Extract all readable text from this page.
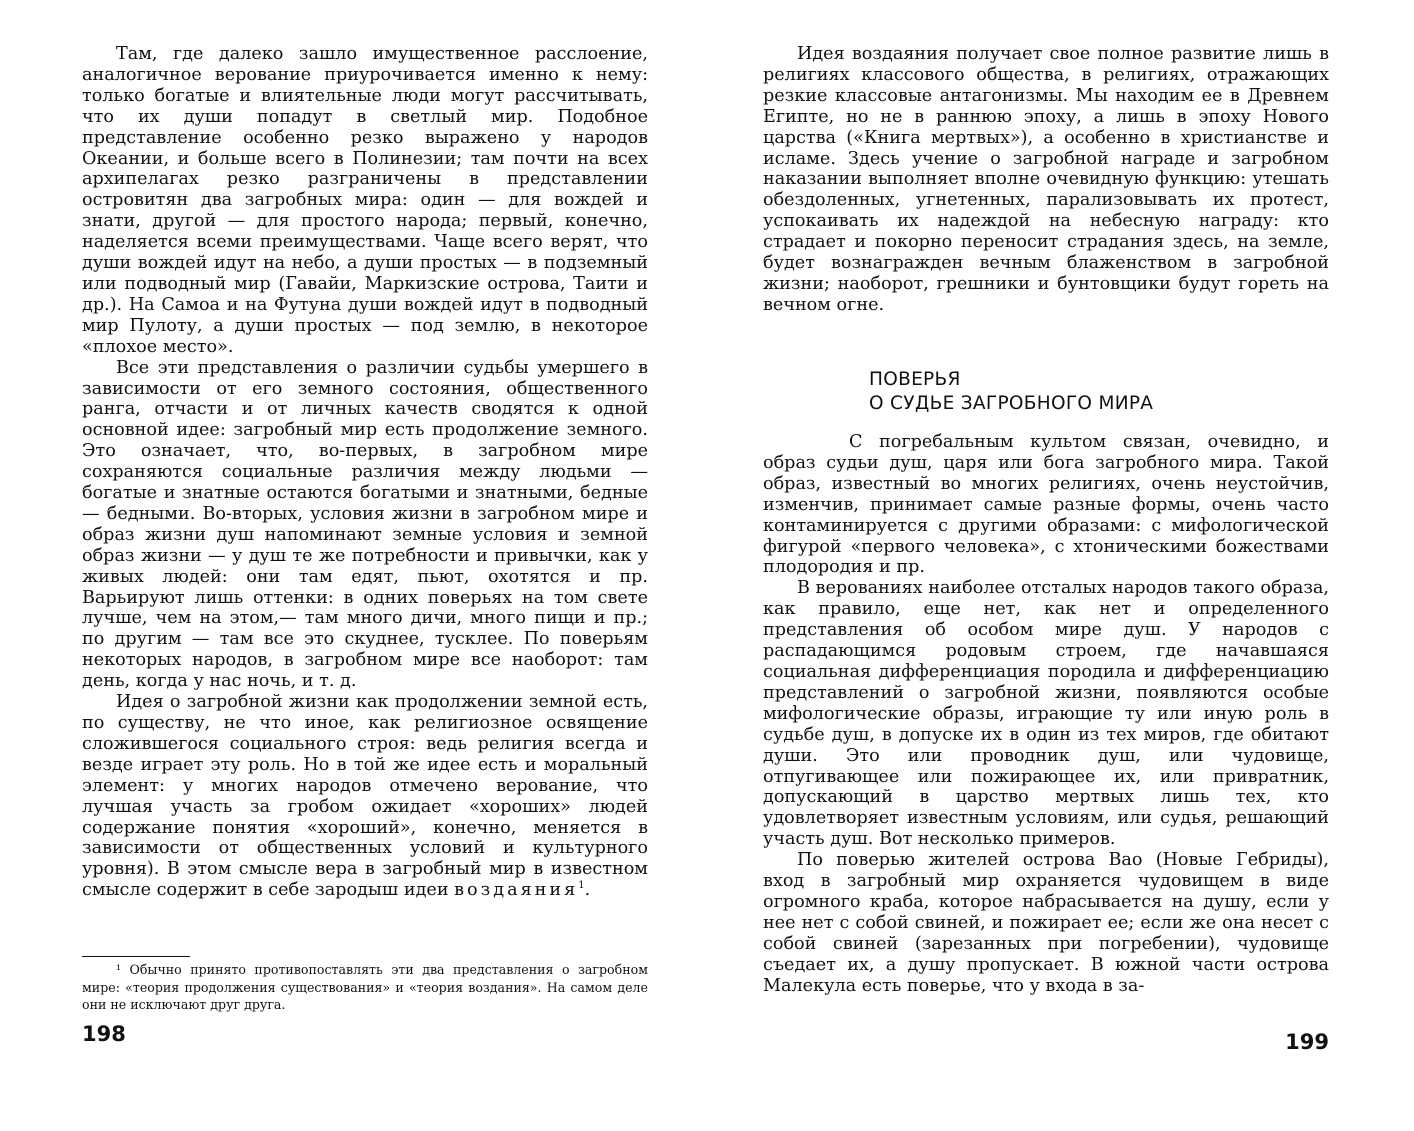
Там, где далеко зашло имущественное расслоение, аналогичное верование приурочивается именно к нему: только богатые и влиятельные люди могут рассчитывать, что их души попадут в светлый мир. Подобное представление особенно резко выражено у народов Океании, и больше всего в Полинезии; там почти на всех архипелагах резко разграничены в представлении островитян два загробных мира: один — для вождей и знати, другой — для простого народа; первый, конечно, наделяется всеми преимуществами. Чаще всего верят, что души вождей идут на небо, а души простых — в подземный или подводный мир (Гавайи, Маркизские острова, Таити и др.). На Самоа и на Футуна души вождей идут в подводный мир Пулоту, а души простых — под землю, в некоторое «плохое место».

Все эти представления о различии судьбы умершего в зависимости от его земного состояния, общественного ранга, отчасти и от личных качеств сводятся к одной основной идее: загробный мир есть продолжение земного. Это означает, что, во-первых, в загробном мире сохраняются социальные различия между людьми — богатые и знатные остаются богатыми и знатными, бедные — бедными. Во-вторых, условия жизни в загробном мире и образ жизни душ напоминают земные условия и земной образ жизни — у душ те же потребности и привычки, как у живых людей: они там едят, пьют, охотятся и пр. Варьируют лишь оттенки: в одних поверьях на том свете лучше, чем на этом,— там много дичи, много пищи и пр.; по другим — там все это скуднее, тусклее. По поверьям некоторых народов, в загробном мире все наоборот: там день, когда у нас ночь, и т. д.

Идея о загробной жизни как продолжении земной есть, по существу, не что иное, как религиозное освящение сложившегося социального строя: ведь религия всегда и везде играет эту роль. Но в той же идее есть и моральный элемент: у многих народов отмечено верование, что лучшая участь за гробом ожидает «хороших» людей содержание понятия «хороший», конечно, меняется в зависимости от общественных условий и культурного уровня). В этом смысле вера в загробный мир в известном смысле содержит в себе зародыш идеи воздаяния$^1$.

¹ Обычно принято противопоставлять эти два представления о загробном мире: «теория продолжения существования» и «теория воздания». На самом деле они не исключают друг друга.

198

Идея воздаяния получает свое полное развитие лишь в религиях классового общества, в религиях, отражающих резкие классовые антагонизмы. Мы находим ее в Древнем Египте, но не в раннюю эпоху, а лишь в эпоху Нового царства («Книга мертвых»), а особенно в христианстве и исламе. Здесь учение о загробной награде и загробном наказании выполняет вполне очевидную функцию: утешать обездоленных, угнетенных, парализовывать их протест, успокаивать их надеждой на небесную награду: кто страдает и покорно переносит страдания здесь, на земле, будет вознагражден вечным блаженством в загробной жизни; наоборот, грешники и бунтовщики будут гореть на вечном огне.

ПОВЕРЬЯ
О СУДЬЕ ЗАГРОБНОГО МИРА

С погребальным культом связан, очевидно, и образ судьи душ, царя или бога загробного мира. Такой образ, известный во многих религиях, очень неустойчив, изменчив, принимает самые разные формы, очень часто контаминируется с другими образами: с мифологической фигурой «первого человека», с хтоническими божествами плодородия и пр.

В верованиях наиболее отсталых народов такого образа, как правило, еще нет, как нет и определенного представления об особом мире душ. У народов с распадающимся родовым строем, где начавшаяся социальная дифференциация породила и дифференциацию представлений о загробной жизни, появляются особые мифологические образы, играющие ту или иную роль в судьбе душ, в допуске их в один из тех миров, где обитают души. Это или проводник душ, или чудовище, отпугивающее или пожирающее их, или привратник, допускающий в царство мертвых лишь тех, кто удовлетворяет известным условиям, или судья, решающий участь душ. Вот несколько примеров.

По поверью жителей острова Вао (Новые Гебриды), вход в загробный мир охраняется чудовищем в виде огромного краба, которое набрасывается на душу, если у нее нет с собой свиней, и пожирает ее; если же она несет с собой свиней (зарезанных при погребении), чудовище съедает их, а душу пропускает. В южной части острова Малекула есть поверье, что у входа в за-

199
